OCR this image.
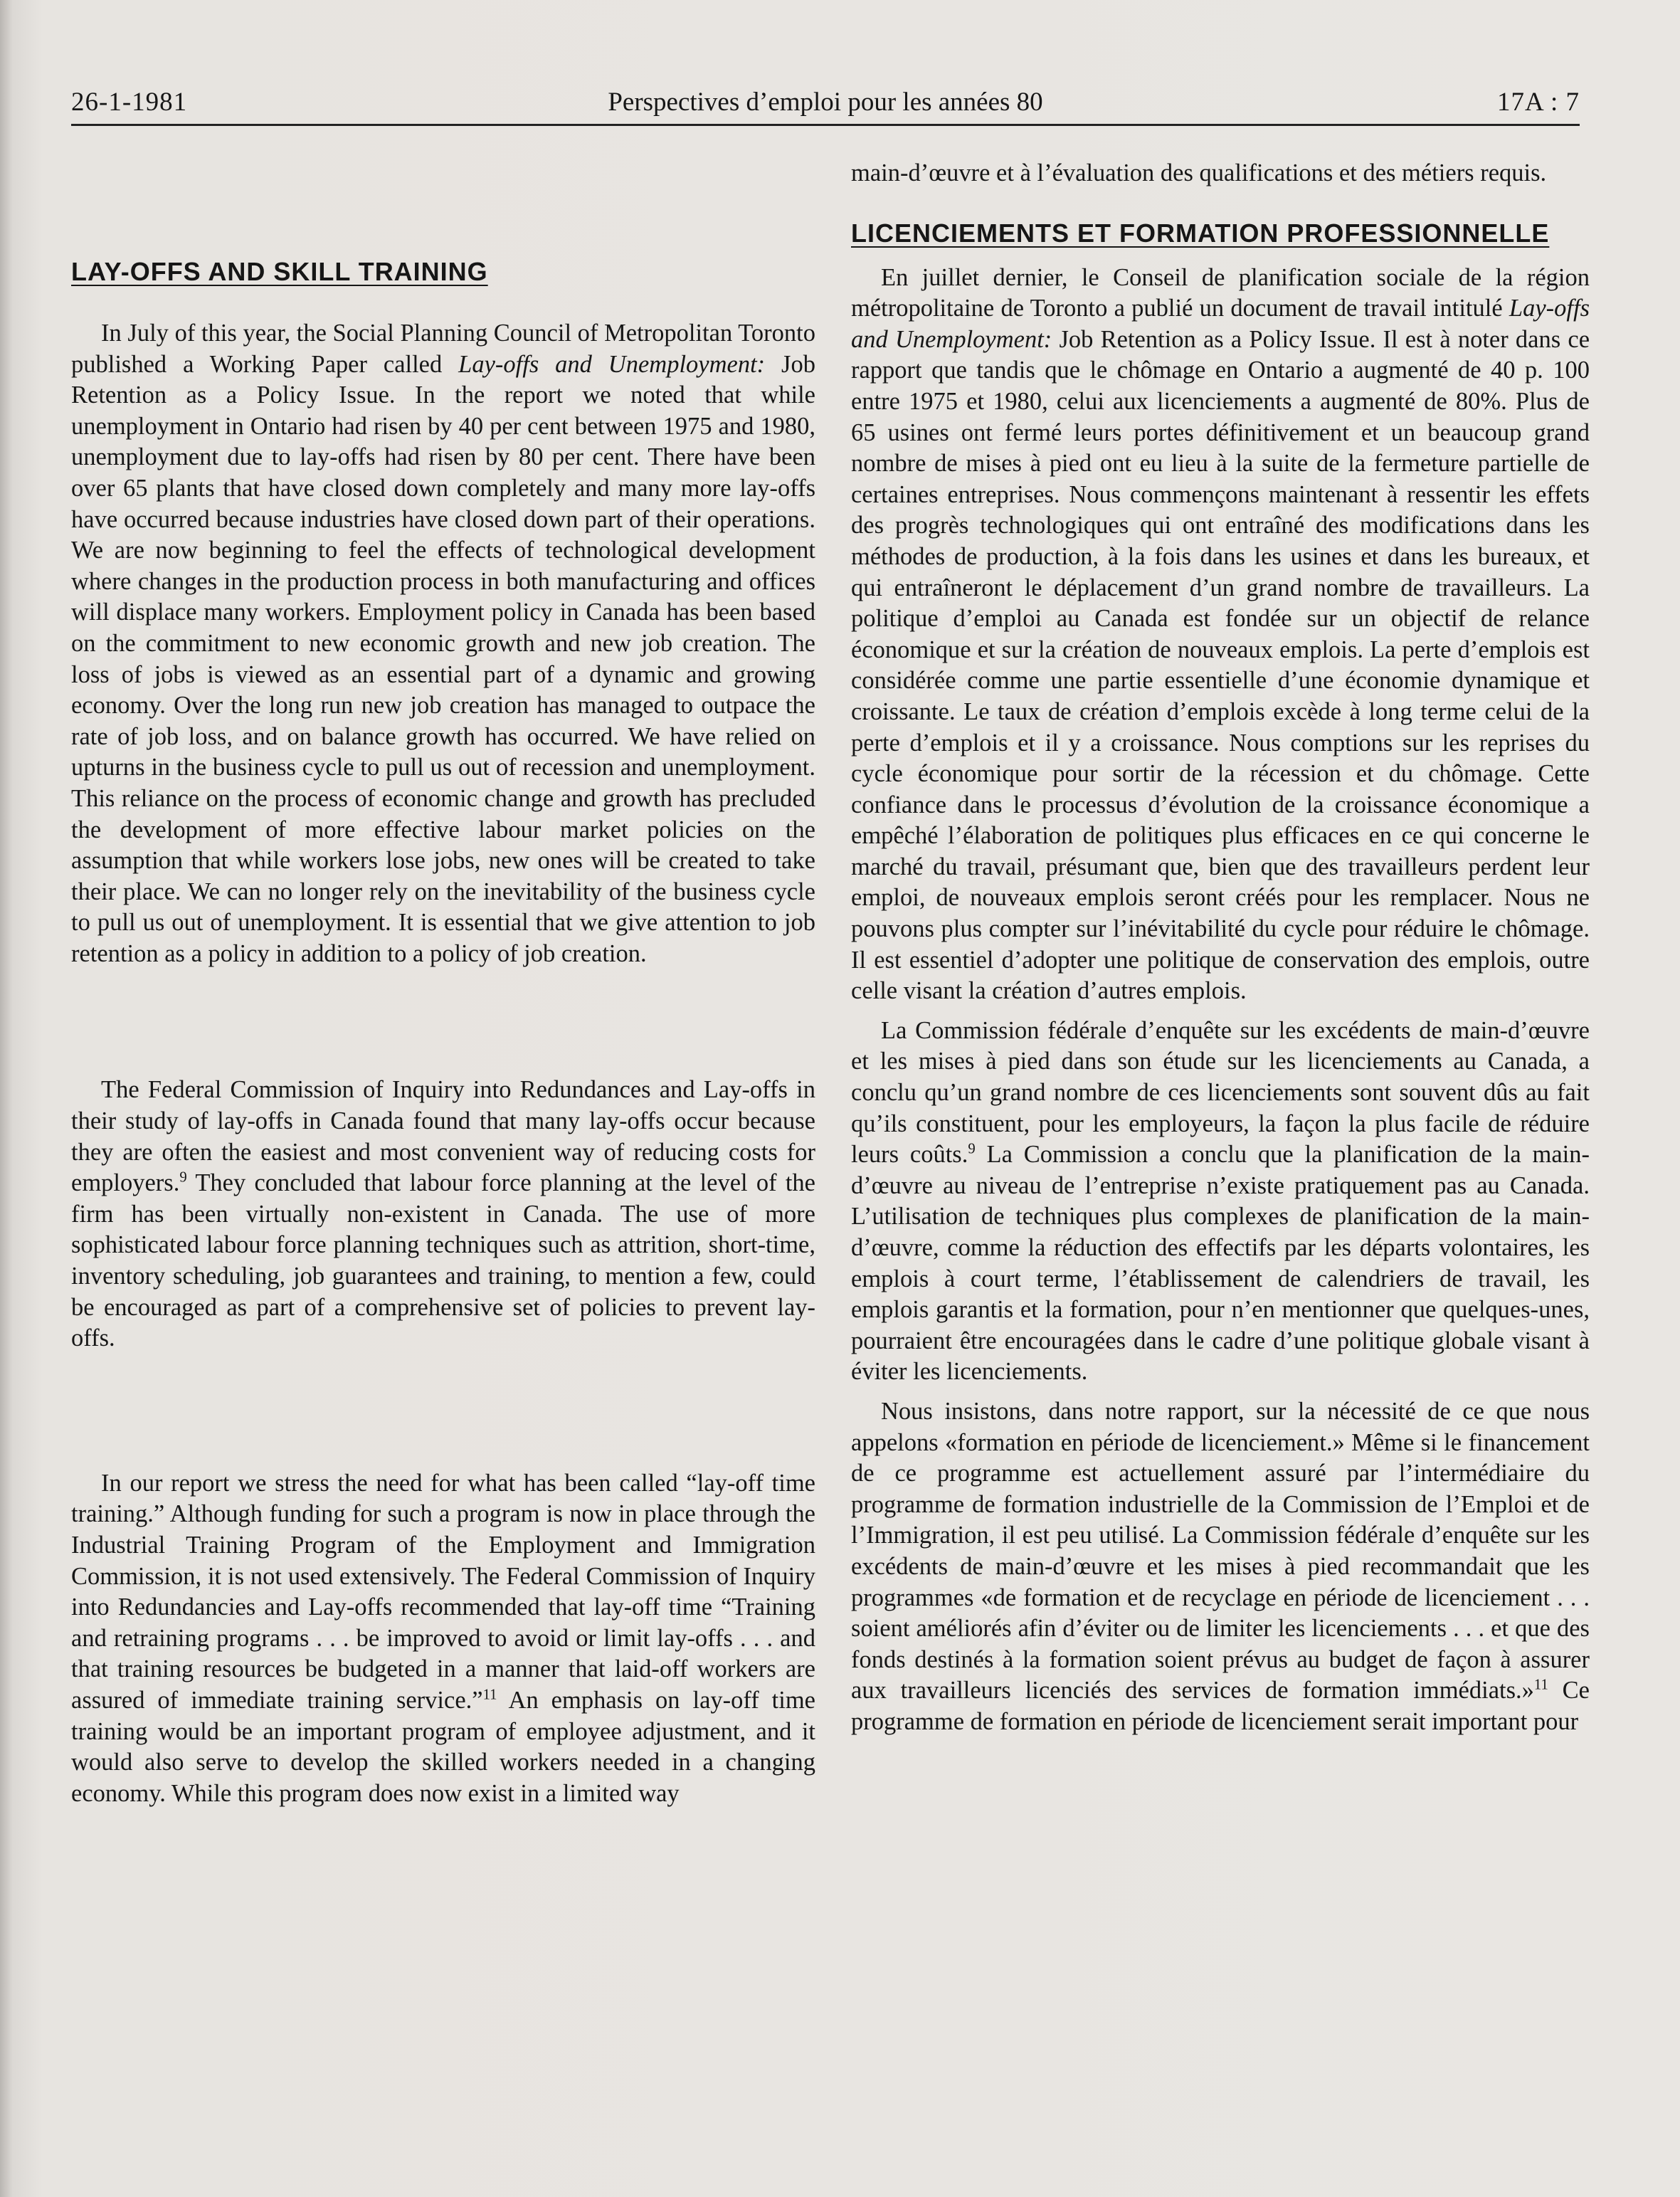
26-1-1981	Perspectives d’emploi pour les années 80	17A : 7
LAY-OFFS AND SKILL TRAINING

In July of this year, the Social Planning Council of Metropolitan Toronto published a Working Paper called Lay-offs and Unemployment: Job Retention as a Policy Issue. In the report we noted that while unemployment in Ontario had risen by 40 per cent between 1975 and 1980, unemployment due to lay-offs had risen by 80 per cent. There have been over 65 plants that have closed down completely and many more lay-offs have occurred because industries have closed down part of their operations. We are now beginning to feel the effects of technological development where changes in the production process in both manufacturing and offices will displace many workers. Employment policy in Canada has been based on the commitment to new economic growth and new job creation. The loss of jobs is viewed as an essential part of a dynamic and growing economy. Over the long run new job creation has managed to outpace the rate of job loss, and on balance growth has occurred. We have relied on upturns in the business cycle to pull us out of recession and unemployment. This reliance on the process of economic change and growth has precluded the development of more effective labour market policies on the assumption that while workers lose jobs, new ones will be created to take their place. We can no longer rely on the inevitability of the business cycle to pull us out of unemployment. It is essential that we give attention to job retention as a policy in addition to a policy of job creation.

The Federal Commission of Inquiry into Redundances and Lay-offs in their study of lay-offs in Canada found that many lay-offs occur because they are often the easiest and most convenient way of reducing costs for employers.$^9$ They concluded that labour force planning at the level of the firm has been virtually non-existent in Canada. The use of more sophisticated labour force planning techniques such as attrition, short-time, inventory scheduling, job guarantees and training, to mention a few, could be encouraged as part of a comprehensive set of policies to prevent lay-offs.

In our report we stress the need for what has been called “lay-off time training.” Although funding for such a program is now in place through the Industrial Training Program of the Employment and Immigration Commission, it is not used extensively. The Federal Commission of Inquiry into Redundancies and Lay-offs recommended that lay-off time “Training and retraining programs . . . be improved to avoid or limit lay-offs . . . and that training resources be budgeted in a manner that laid-off workers are assured of immediate training service.”$^{11}$ An emphasis on lay-off time training would be an important program of employee adjustment, and it would also serve to develop the skilled workers needed in a changing economy. While this program does now exist in a limited way

main-d’œuvre et à l’évaluation des qualifications et des métiers requis.

LICENCIEMENTS ET FORMATION PROFESSIONNELLE

En juillet dernier, le Conseil de planification sociale de la région métropolitaine de Toronto a publié un document de travail intitulé Lay-offs and Unemployment: Job Retention as a Policy Issue. Il est à noter dans ce rapport que tandis que le chômage en Ontario a augmenté de 40 p. 100 entre 1975 et 1980, celui aux licenciements a augmenté de 80%. Plus de 65 usines ont fermé leurs portes définitivement et un beaucoup grand nombre de mises à pied ont eu lieu à la suite de la fermeture partielle de certaines entreprises. Nous commençons maintenant à ressentir les effets des progrès technologiques qui ont entraîné des modifications dans les méthodes de production, à la fois dans les usines et dans les bureaux, et qui entraîneront le déplacement d’un grand nombre de travailleurs. La politique d’emploi au Canada est fondée sur un objectif de relance économique et sur la création de nouveaux emplois. La perte d’emplois est considérée comme une partie essentielle d’une économie dynamique et croissante. Le taux de création d’emplois excède à long terme celui de la perte d’emplois et il y a croissance. Nous comptions sur les reprises du cycle économique pour sortir de la récession et du chômage. Cette confiance dans le processus d’évolution de la croissance économique a empêché l’élaboration de politiques plus efficaces en ce qui concerne le marché du travail, présumant que, bien que des travailleurs perdent leur emploi, de nouveaux emplois seront créés pour les remplacer. Nous ne pouvons plus compter sur l’inévitabilité du cycle pour réduire le chômage. Il est essentiel d’adopter une politique de conservation des emplois, outre celle visant la création d’autres emplois.

La Commission fédérale d’enquête sur les excédents de main-d’œuvre et les mises à pied dans son étude sur les licenciements au Canada, a conclu qu’un grand nombre de ces licenciements sont souvent dûs au fait qu’ils constituent, pour les employeurs, la façon la plus facile de réduire leurs coûts.$^9$ La Commission a conclu que la planification de la main-d’œuvre au niveau de l’entreprise n’existe pratiquement pas au Canada. L’utilisation de techniques plus complexes de planification de la main-d’œuvre, comme la réduction des effectifs par les départs volontaires, les emplois à court terme, l’établissement de calendriers de travail, les emplois garantis et la formation, pour n’en mentionner que quelques-unes, pourraient être encouragées dans le cadre d’une politique globale visant à éviter les licenciements.

Nous insistons, dans notre rapport, sur la nécessité de ce que nous appelons «formation en période de licenciement.» Même si le financement de ce programme est actuellement assuré par l’intermédiaire du programme de formation industrielle de la Commission de l’Emploi et de l’Immigration, il est peu utilisé. La Commission fédérale d’enquête sur les excédents de main-d’œuvre et les mises à pied recommandait que les programmes «de formation et de recyclage en période de licenciement . . . soient améliorés afin d’éviter ou de limiter les licenciements . . . et que des fonds destinés à la formation soient prévus au budget de façon à assurer aux travailleurs licenciés des services de formation immédiats.»$^{11}$ Ce programme de formation en période de licenciement serait important pour
